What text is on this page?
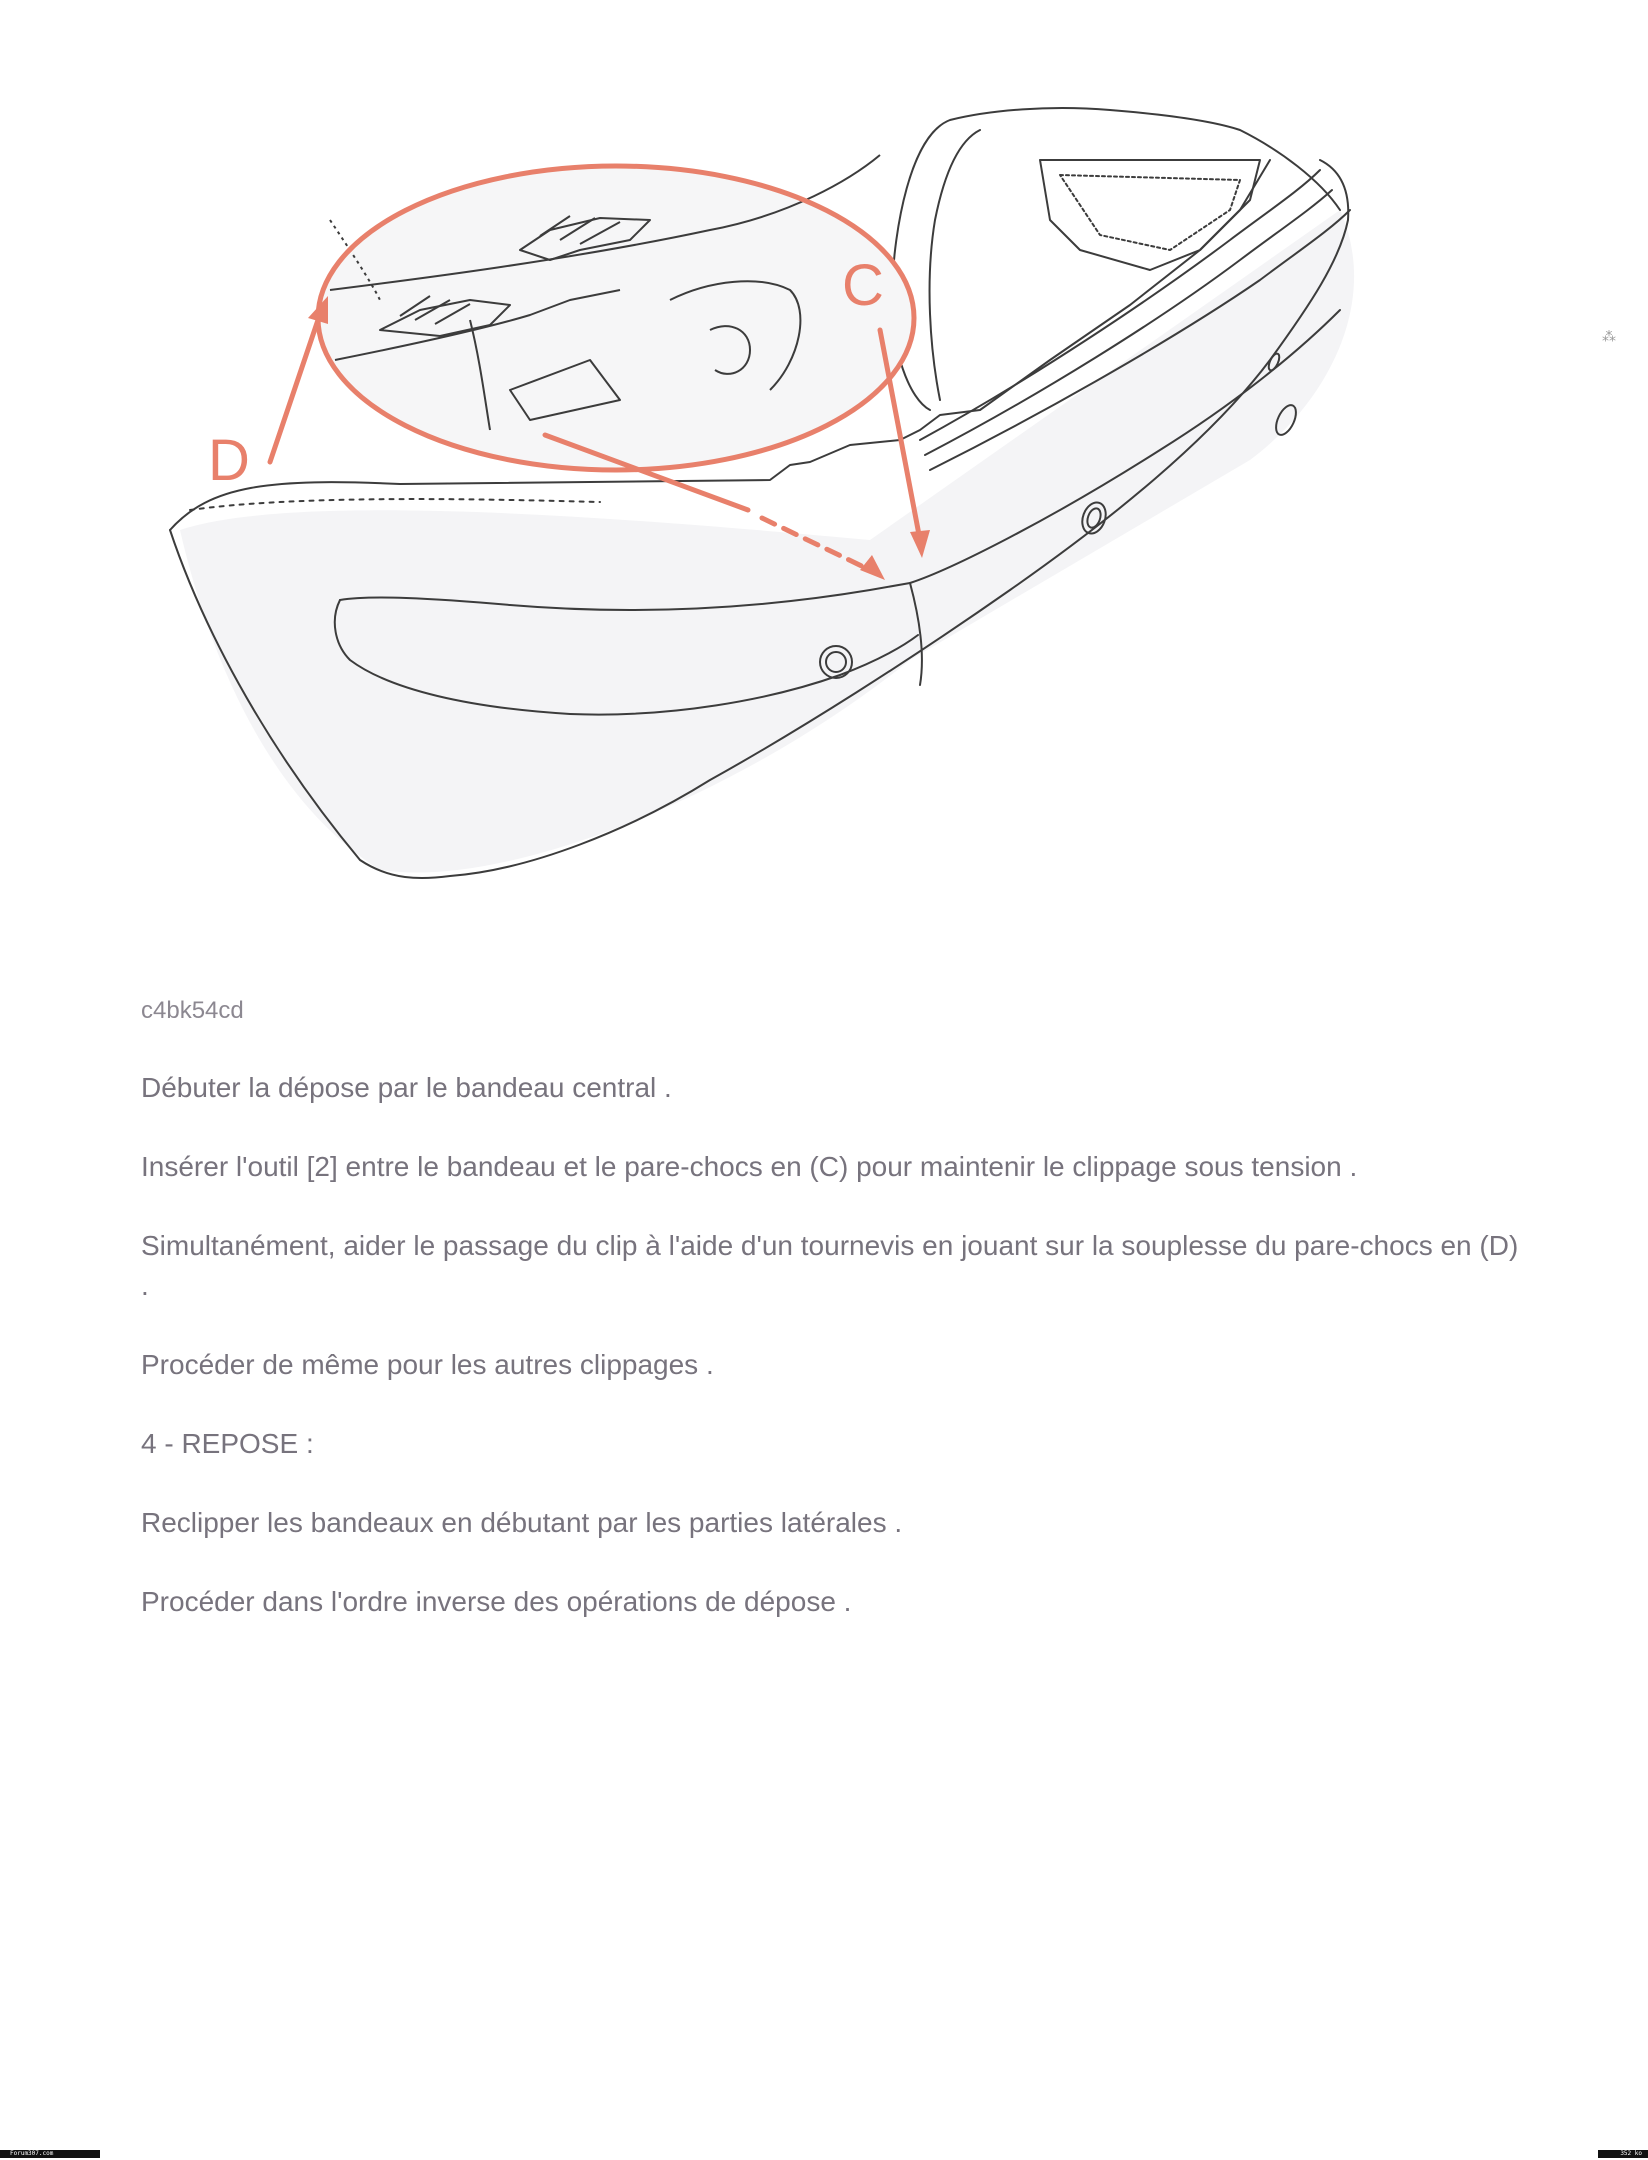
C
D
⁂
c4bk54cd

Débuter la dépose par le bandeau central .

Insérer l'outil [2] entre le bandeau et le pare-chocs en (C) pour maintenir le clippage sous tension .

Simultanément, aider le passage du clip à l'aide d'un tournevis en jouant sur la souplesse du pare-chocs en (D) .

Procéder de même pour les autres clippages .

4 - REPOSE :

Reclipper les bandeaux en débutant par les parties latérales .

Procéder dans l'ordre inverse des opérations de dépose .

Forum307.com	352 ko
